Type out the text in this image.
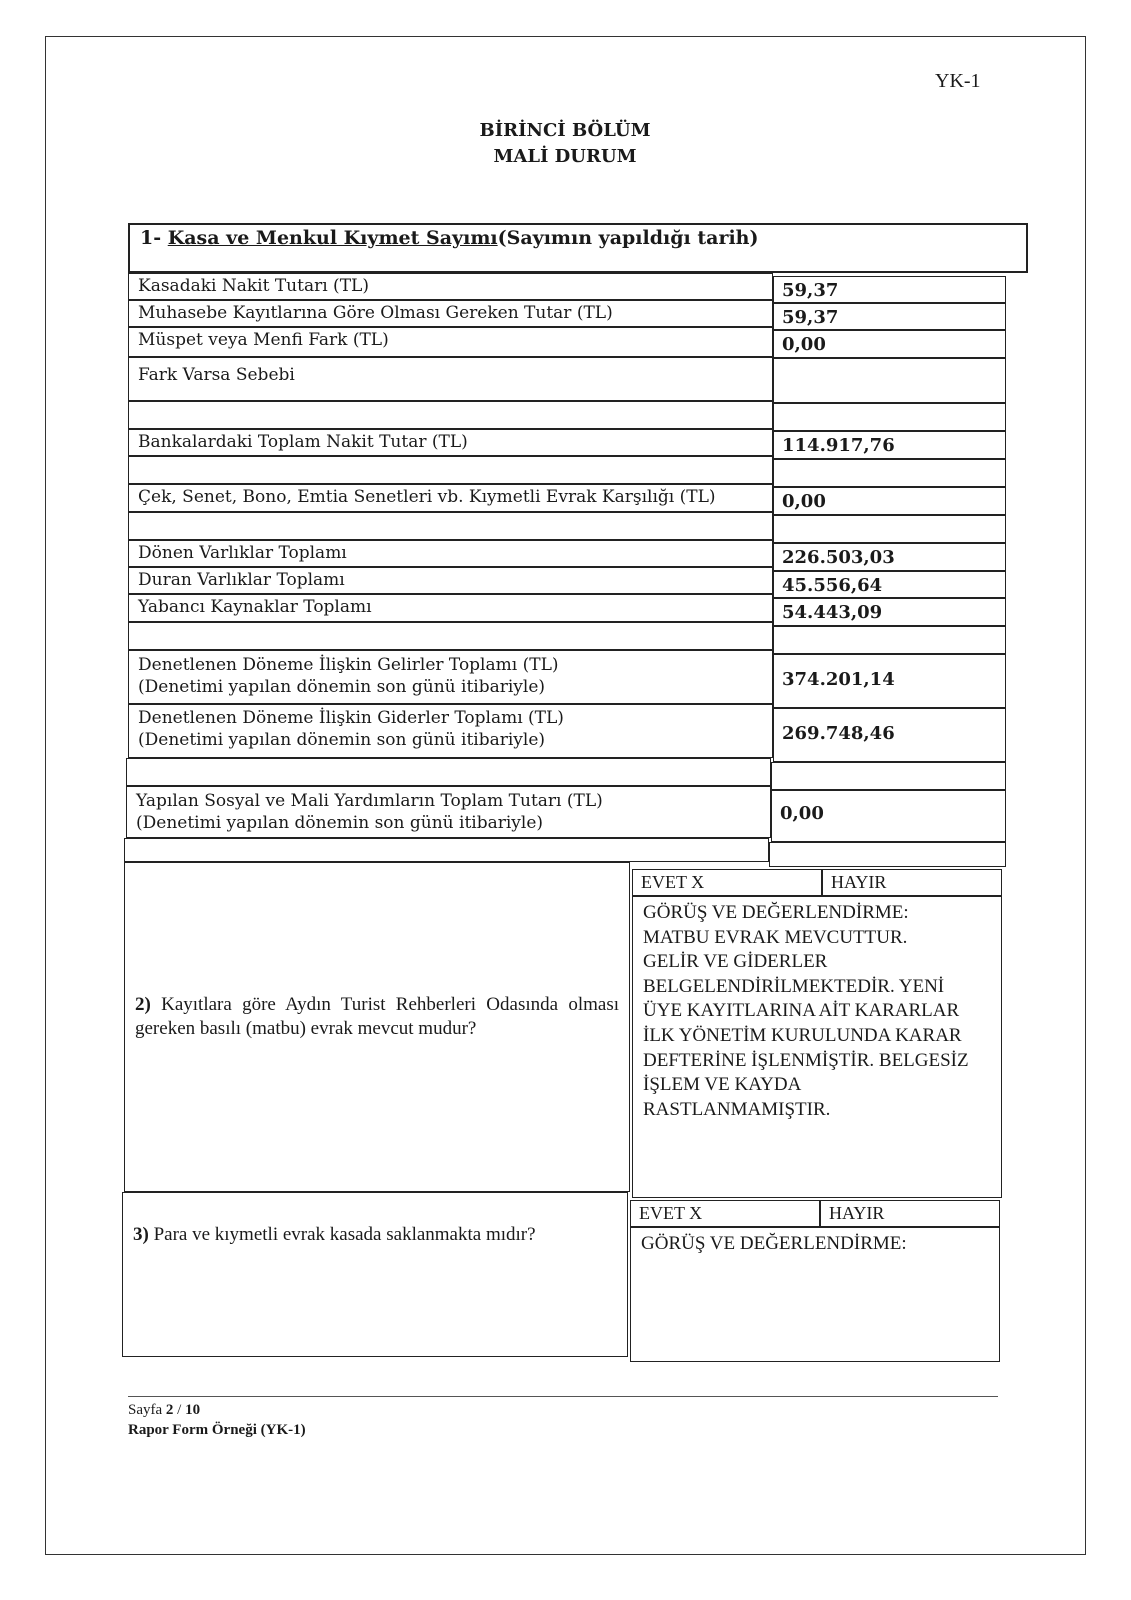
YK-1
BİRİNCİ BÖLÜM
MALİ DURUM
1- Kasa ve Menkul Kıymet Sayımı(Sayımın yapıldığı tarih)
Kasadaki Nakit Tutarı (TL)	59,37
Muhasebe Kayıtlarına Göre Olması Gereken Tutar (TL)	59,37
Müspet veya Menfi Fark (TL)	0,00
Fark Varsa Sebebi
Bankalardaki Toplam Nakit Tutar (TL)	114.917,76
Çek, Senet, Bono, Emtia Senetleri vb. Kıymetli Evrak Karşılığı (TL)	0,00
Dönen Varlıklar Toplamı	226.503,03
Duran Varlıklar Toplamı	45.556,64
Yabancı Kaynaklar Toplamı	54.443,09
Denetlenen Döneme İlişkin Gelirler Toplamı (TL)
(Denetimi yapılan dönemin son günü itibariyle)	374.201,14
Denetlenen Döneme İlişkin Giderler Toplamı (TL)
(Denetimi yapılan dönemin son günü itibariyle)	269.748,46
Yapılan Sosyal ve Mali Yardımların Toplam Tutarı (TL)
(Denetimi yapılan dönemin son günü itibariyle)	0,00
2) Kayıtlara göre Aydın Turist Rehberleri Odasında olması gereken basılı (matbu) evrak mevcut mudur?
EVET X	HAYIR
GÖRÜŞ VE DEĞERLENDİRME:
MATBU EVRAK MEVCUTTUR.
GELİR VE GİDERLER
BELGELENDİRİLMEKTEDİR. YENİ
ÜYE KAYITLARINA AİT KARARLAR
İLK YÖNETİM KURULUNDA KARAR
DEFTERİNE İŞLENMİŞTİR. BELGESİZ
İŞLEM VE KAYDA
RASTLANMAMIŞTIR.
3) Para ve kıymetli evrak kasada saklanmakta mıdır?
EVET X	HAYIR
GÖRÜŞ VE DEĞERLENDİRME:
Sayfa 2 / 10
Rapor Form Örneği (YK-1)
